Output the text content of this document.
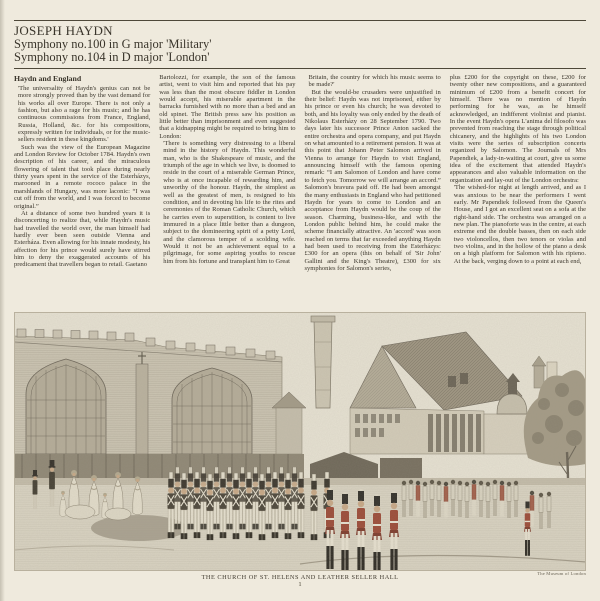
JOSEPH HAYDN
Symphony no.100 in G major 'Military'
Symphony no.104 in D major 'London'
Haydn and England

'The universality of Haydn's genius can not be more strongly proved than by the vast demand for his works all over Europe. There is not only a fashion, but also a rage for his music; and he has continuous commissions from France, England, Russia, Holland, &c. for his compositions, expressly written for individuals, or for the music-sellers resident in these kingdoms.'

Such was the view of the European Magazine and London Review for October 1784. Haydn's own description of his career, and the miraculous flowering of talent that took place during nearly thirty years spent in the service of the Esterházys, marooned in a remote rococo palace in the marshlands of Hungary, was more laconic: “I was cut off from the world, and I was forced to become original.”

At a distance of some two hundred years it is disconcerting to realize that, while Haydn's music had travelled the world over, the man himself had hardly ever been seen outside Vienna and Esterháza. Even allowing for his innate modesty, his affection for his prince would surely have stirred him to deny the exaggerated accounts of his predicament that travellers began to retail. Gaetano

Bartolozzi, for example, the son of the famous artist, went to visit him and reported that his pay was less than the most obscure fiddler in London would accept, his miserable apartment in the barracks furnished with no more than a bed and an old spinet. The British press saw his position as little better than imprisonment and even suggested that a kidnapping might be required to bring him to London:

'There is something very distressing to a liberal mind in the history of Haydn. This wonderful man, who is the Shakespeare of music, and the triumph of the age in which we live, is doomed to reside in the court of a miserable German Prince, who is at once incapable of rewarding him, and unworthy of the honour. Haydn, the simplest as well as the greatest of men, is resigned to his condition, and in devoting his life to the rites and ceremonies of the Roman Catholic Church, which he carries even to superstition, is content to live immured in a place little better than a dungeon, subject to the domineering spirit of a petty Lord, and the clamorous temper of a scolding wife. Would it not be an achievement equal to a pilgrimage, for some aspiring youths to rescue him from his fortune and transplant him to Great

Britain, the country for which his music seems to be made?'

But the would-be crusaders were unjustified in their belief: Haydn was not imprisoned, either by his prince or even his church; he was devoted to both, and his loyalty was only ended by the death of Nikolaus Esterházy on 28 September 1790. Two days later his successor Prince Anton sacked the entire orchestra and opera company, and put Haydn on what amounted to a retirement pension. It was at this point that Johann Peter Salomon arrived in Vienna to arrange for Haydn to visit England, announcing himself with the famous opening remark: “I am Salomon of London and have come to fetch you. Tomorrow we will arrange an accord.” Salomon's bravura paid off. He had been amongst the many enthusiasts in England who had petitioned Haydn for years to come to London and an acceptance from Haydn would be the coup of the season. Charming, business-like, and with the London public behind him, he could make the scheme financially attractive. An 'accord' was soon reached on terms that far exceeded anything Haydn had been used to receiving from the Esterházys: £300 for an opera (this on behalf of 'Sir John' Gallini and the King's Theatre), £300 for six symphonies for Salomon's series,

plus £200 for the copyright on these, £200 for twenty other new compositions, and a guaranteed minimum of £200 from a benefit concert for himself. There was no mention of Haydn performing for he was, as he himself acknowledged, an indifferent violinist and pianist. In the event Haydn's opera L'anima del filosofo was prevented from reaching the stage through political chicanery, and the highlights of his two London visits were the series of subscription concerts organized by Salomon. The Journals of Mrs Papendiek, a lady-in-waiting at court, give us some idea of the excitement that attended Haydn's appearances and also valuable information on the organization and lay-out of the London orchestra:

'The wished-for night at length arrived, and as I was anxious to be near the performers I went early. Mr Papendiek followed from the Queen's House, and I got an excellent seat on a sofa at the right-hand side. The orchestra was arranged on a new plan. The pianoforte was in the centre, at each extreme end the double basses, then on each side two violoncellos, then two tenors or violas and two violins, and in the hollow of the piano a desk on a high platform for Salomon with his ripieno. At the back, verging down to a point at each end,

THE CHURCH OF ST. HELENS AND LEATHER SELLER HALL
The Museum of London
1
